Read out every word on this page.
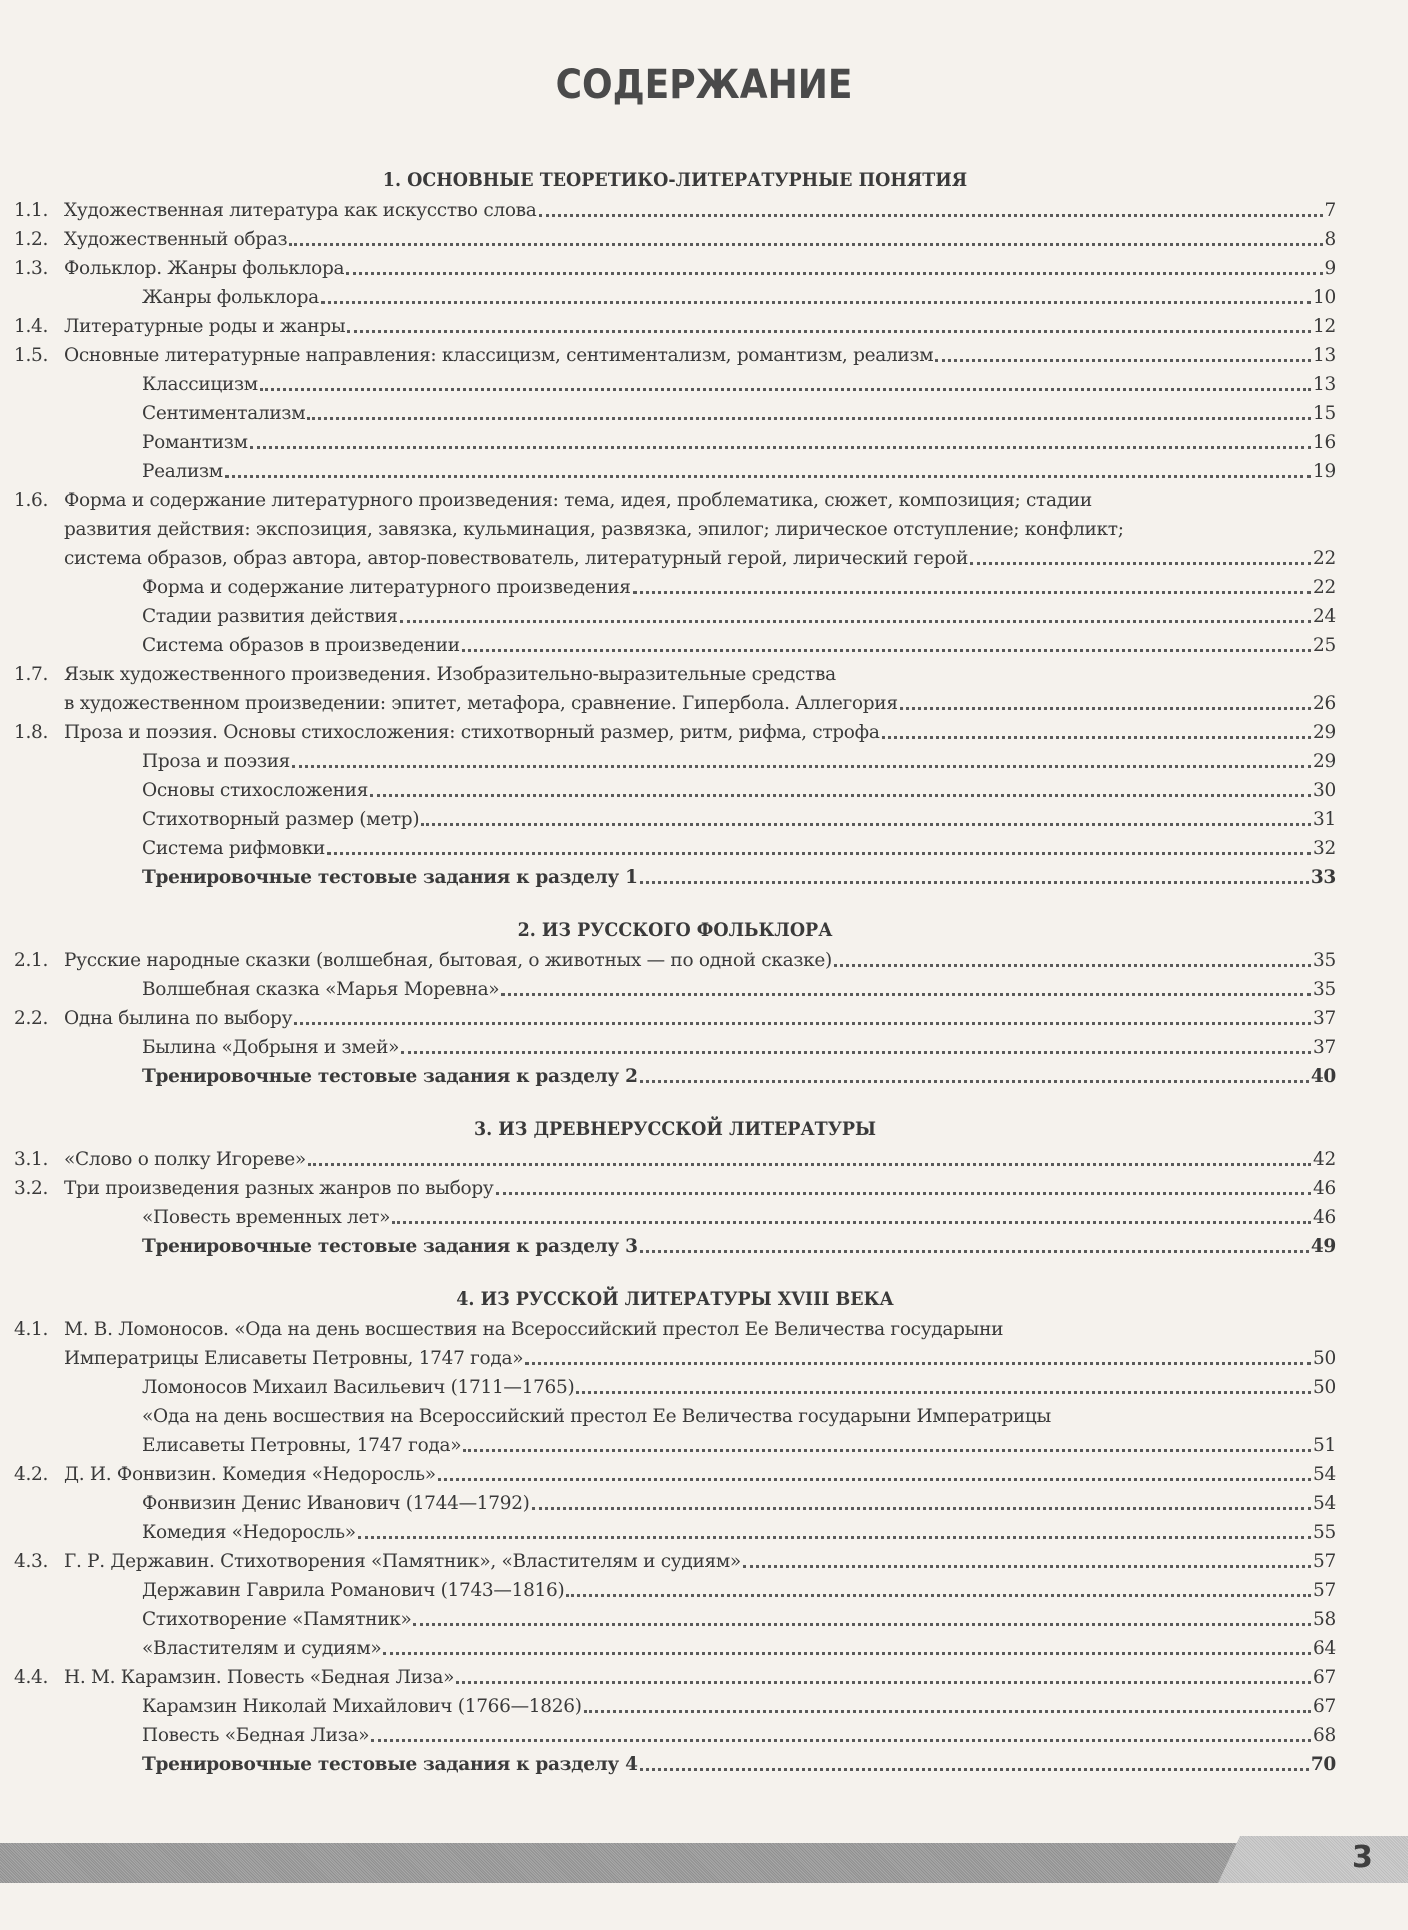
СОДЕРЖАНИЕ
1. ОСНОВНЫЕ ТЕОРЕТИКО-ЛИТЕРАТУРНЫЕ ПОНЯТИЯ
1.1. Художественная литература как искусство слова	7
1.2. Художественный образ	8
1.3. Фольклор. Жанры фольклора	9
Жанры фольклора	10
1.4. Литературные роды и жанры	12
1.5. Основные литературные направления: классицизм, сентиментализм, романтизм, реализм	13
Классицизм	13
Сентиментализм	15
Романтизм	16
Реализм	19
1.6. Форма и содержание литературного произведения: тема, идея, проблематика, сюжет, композиция; стадии
развития действия: экспозиция, завязка, кульминация, развязка, эпилог; лирическое отступление; конфликт;
система образов, образ автора, автор-повествователь, литературный герой, лирический герой	22
Форма и содержание литературного произведения	22
Стадии развития действия	24
Система образов в произведении	25
1.7. Язык художественного произведения. Изобразительно-выразительные средства
в художественном произведении: эпитет, метафора, сравнение. Гипербола. Аллегория	26
1.8. Проза и поэзия. Основы стихосложения: стихотворный размер, ритм, рифма, строфа	29
Проза и поэзия	29
Основы стихосложения	30
Стихотворный размер (метр)	31
Система рифмовки	32
Тренировочные тестовые задания к разделу 1	33
2. ИЗ РУССКОГО ФОЛЬКЛОРА
2.1. Русские народные сказки (волшебная, бытовая, о животных — по одной сказке)	35
Волшебная сказка «Марья Моревна»	35
2.2. Одна былина по выбору	37
Былина «Добрыня и змей»	37
Тренировочные тестовые задания к разделу 2	40
3. ИЗ ДРЕВНЕРУССКОЙ ЛИТЕРАТУРЫ
3.1. «Слово о полку Игореве»	42
3.2. Три произведения разных жанров по выбору	46
«Повесть временных лет»	46
Тренировочные тестовые задания к разделу 3	49
4. ИЗ РУССКОЙ ЛИТЕРАТУРЫ XVIII ВЕКА
4.1. М. В. Ломоносов. «Ода на день восшествия на Всероссийский престол Ее Величества государыни
Императрицы Елисаветы Петровны, 1747 года»	50
Ломоносов Михаил Васильевич (1711—1765)	50
«Ода на день восшествия на Всероссийский престол Ее Величества государыни Императрицы
Елисаветы Петровны, 1747 года»	51
4.2. Д. И. Фонвизин. Комедия «Недоросль»	54
Фонвизин Денис Иванович (1744—1792)	54
Комедия «Недоросль»	55
4.3. Г. Р. Державин. Стихотворения «Памятник», «Властителям и судиям»	57
Державин Гаврила Романович (1743—1816)	57
Стихотворение «Памятник»	58
«Властителям и судиям»	64
4.4. Н. М. Карамзин. Повесть «Бедная Лиза»	67
Карамзин Николай Михайлович (1766—1826)	67
Повесть «Бедная Лиза»	68
Тренировочные тестовые задания к разделу 4	70
3
